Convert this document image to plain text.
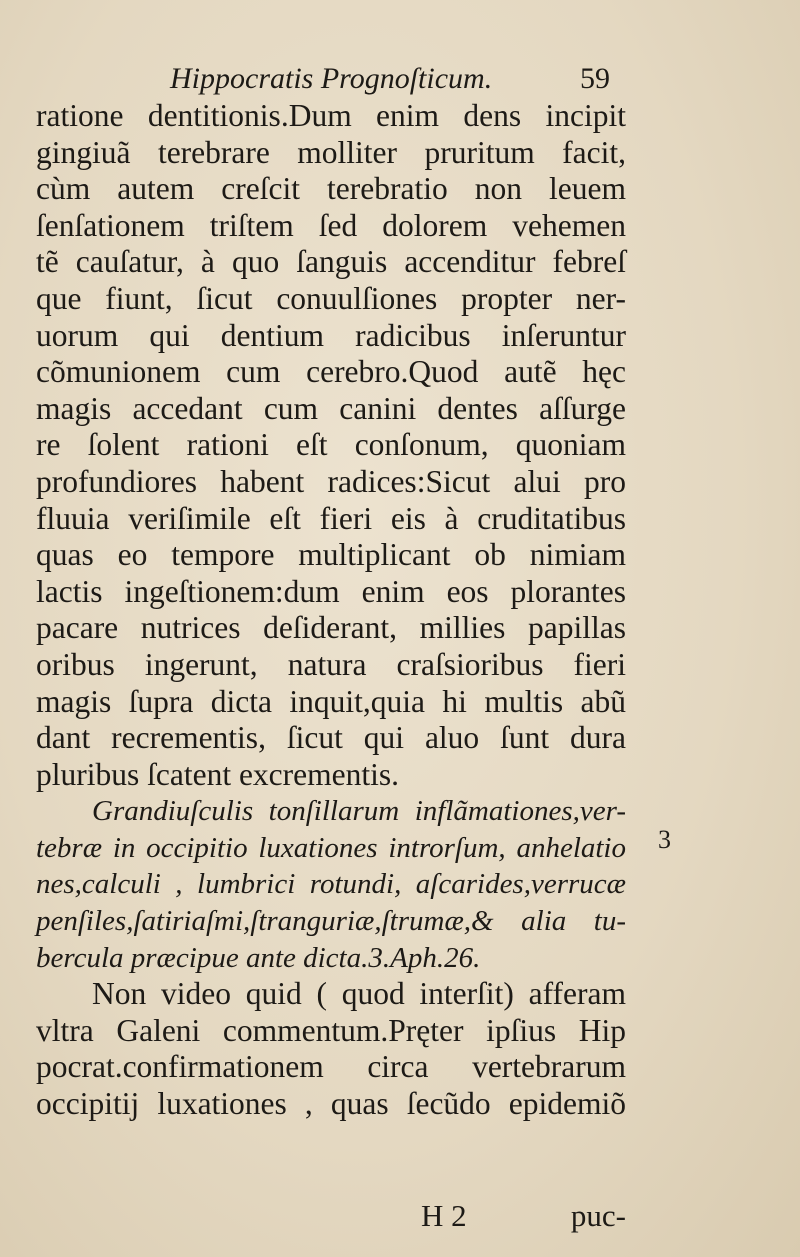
Hippocratis Prognoſticum.	59
ratione dentitionis.Dum enim dens incipit
gingiuã terebrare molliter pruritum facit,
cùm autem creſcit terebratio non leuem
ſenſationem triſtem ſed dolorem vehemen
tẽ cauſatur, à quo ſanguis accenditur febreſ
que fiunt, ſicut conuulſiones propter ner-
uorum qui dentium radicibus inſeruntur
cõmunionem cum cerebro.Quod autẽ hęc
magis accedant cum canini dentes aſſurge
re ſolent rationi eſt conſonum, quoniam
profundiores habent radices:Sicut alui pro
fluuia veriſimile eſt fieri eis à cruditatibus
quas eo tempore multiplicant ob nimiam
lactis ingeſtionem:dum enim eos plorantes
pacare nutrices deſiderant, millies papillas
oribus ingerunt, natura craſsioribus fieri
magis ſupra dicta inquit,quia hi multis abũ
dant recrementis, ſicut qui aluo ſunt dura
pluribus ſcatent excrementis.
Grandiuſculis tonſillarum inflãmationes,ver-
tebræ in occipitio luxationes introrſum, anhelatio
nes,calculi , lumbrici rotundi, aſcarides,verrucæ
penſiles,ſatiriaſmi,ſtranguriæ,ſtrumæ,& alia tu-
bercula præcipue ante dicta.3.Aph.26.
Non video quid ( quod interſit) afferam
vltra Galeni commentum.Pręter ipſius Hip
pocrat.confirmationem circa vertebrarum
occipitij luxationes , quas ſecũdo epidemiõ
3
H 2	puc-
